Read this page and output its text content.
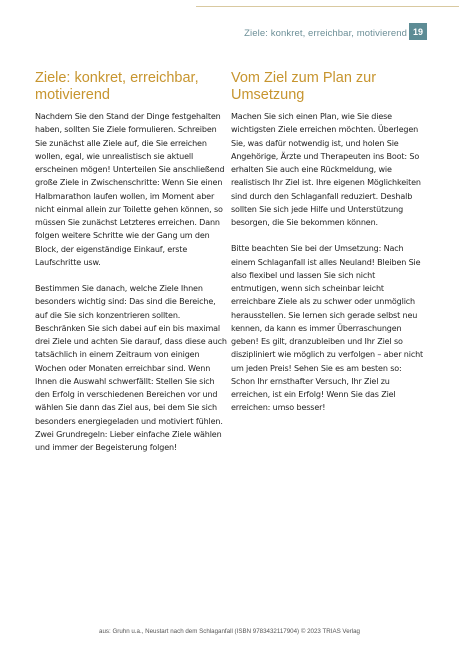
Ziele: konkret, erreichbar, motivierend 19
Ziele: konkret, erreichbar, motivierend

Nachdem Sie den Stand der Dinge festgehalten haben, sollten Sie Ziele formulieren. Schreiben Sie zunächst alle Ziele auf, die Sie erreichen wollen, egal, wie unrealistisch sie aktuell erscheinen mögen! Unterteilen Sie anschließend große Ziele in Zwischenschritte: Wenn Sie einen Halbmarathon laufen wollen, im Moment aber nicht einmal allein zur Toilette gehen können, so müssen Sie zunächst Letzteres erreichen. Dann folgen weitere Schritte wie der Gang um den Block, der eigenständige Einkauf, erste Laufschritte usw.

Bestimmen Sie danach, welche Ziele Ihnen besonders wichtig sind: Das sind die Bereiche, auf die Sie sich konzentrieren sollten. Beschränken Sie sich dabei auf ein bis maximal drei Ziele und achten Sie darauf, dass diese auch tatsächlich in einem Zeitraum von einigen Wochen oder Monaten erreichbar sind. Wenn Ihnen die Auswahl schwerfällt: Stellen Sie sich den Erfolg in verschiedenen Bereichen vor und wählen Sie dann das Ziel aus, bei dem Sie sich besonders energiegeladen und motiviert fühlen. Zwei Grundregeln: Lieber einfache Ziele wählen und immer der Begeisterung folgen!

Vom Ziel zum Plan zur Umsetzung

Machen Sie sich einen Plan, wie Sie diese wichtigsten Ziele erreichen möchten. Überlegen Sie, was dafür notwendig ist, und holen Sie Angehörige, Ärzte und Therapeuten ins Boot: So erhalten Sie auch eine Rückmeldung, wie realistisch Ihr Ziel ist. Ihre eigenen Möglichkeiten sind durch den Schlaganfall reduziert. Deshalb sollten Sie sich jede Hilfe und Unterstützung besorgen, die Sie bekommen können.

Bitte beachten Sie bei der Umsetzung: Nach einem Schlaganfall ist alles Neuland! Bleiben Sie also flexibel und lassen Sie sich nicht entmutigen, wenn sich scheinbar leicht erreichbare Ziele als zu schwer oder unmöglich herausstellen. Sie lernen sich gerade selbst neu kennen, da kann es immer Überraschungen geben! Es gilt, dranzubleiben und Ihr Ziel so diszipliniert wie möglich zu verfolgen – aber nicht um jeden Preis! Sehen Sie es am besten so: Schon Ihr ernsthafter Versuch, Ihr Ziel zu erreichen, ist ein Erfolg! Wenn Sie das Ziel erreichen: umso besser!

aus: Gruhn u.a., Neustart nach dem Schlaganfall (ISBN 9783432117904) © 2023 TRIAS Verlag
